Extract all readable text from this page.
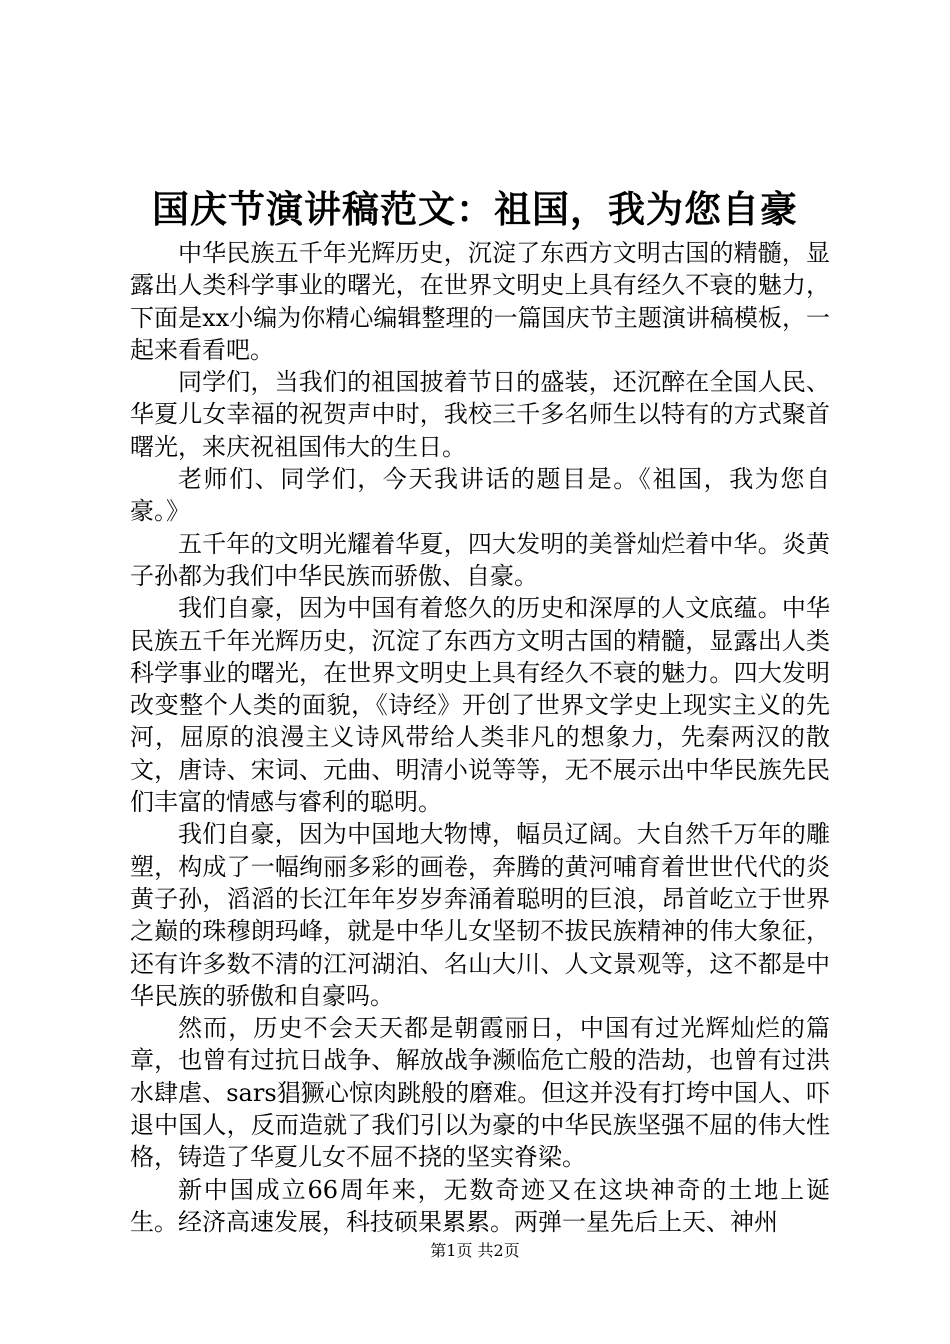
国庆节演讲稿范文：祖国，我为您自豪

中华民族五千年光辉历史，沉淀了东西方文明古国的精髓，显露出人类科学事业的曙光，在世界文明史上具有经久不衰的魅力，下面是xx小编为你精心编辑整理的一篇国庆节主题演讲稿模板，一起来看看吧。

同学们，当我们的祖国披着节日的盛装，还沉醉在全国人民、华夏儿女幸福的祝贺声中时，我校三千多名师生以特有的方式聚首曙光，来庆祝祖国伟大的生日。

老师们、同学们，今天我讲话的题目是。《祖国，我为您自豪。》

五千年的文明光耀着华夏，四大发明的美誉灿烂着中华。炎黄子孙都为我们中华民族而骄傲、自豪。

我们自豪，因为中国有着悠久的历史和深厚的人文底蕴。中华民族五千年光辉历史，沉淀了东西方文明古国的精髓，显露出人类科学事业的曙光，在世界文明史上具有经久不衰的魅力。四大发明改变整个人类的面貌，《诗经》开创了世界文学史上现实主义的先河，屈原的浪漫主义诗风带给人类非凡的想象力，先秦两汉的散文，唐诗、宋词、元曲、明清小说等等，无不展示出中华民族先民们丰富的情感与睿利的聪明。

我们自豪，因为中国地大物博，幅员辽阔。大自然千万年的雕塑，构成了一幅绚丽多彩的画卷，奔腾的黄河哺育着世世代代的炎黄子孙，滔滔的长江年年岁岁奔涌着聪明的巨浪，昂首屹立于世界之巅的珠穆朗玛峰，就是中华儿女坚韧不拔民族精神的伟大象征，还有许多数不清的江河湖泊、名山大川、人文景观等，这不都是中华民族的骄傲和自豪吗。

然而，历史不会天天都是朝霞丽日，中国有过光辉灿烂的篇章，也曾有过抗日战争、解放战争濒临危亡般的浩劫，也曾有过洪水肆虐、sars猖獗心惊肉跳般的磨难。但这并没有打垮中国人、吓退中国人，反而造就了我们引以为豪的中华民族坚强不屈的伟大性格，铸造了华夏儿女不屈不挠的坚实脊梁。

新中国成立66周年来，无数奇迹又在这块神奇的土地上诞生。经济高速发展，科技硕果累累。两弹一星先后上天、神州

第1页 共2页
